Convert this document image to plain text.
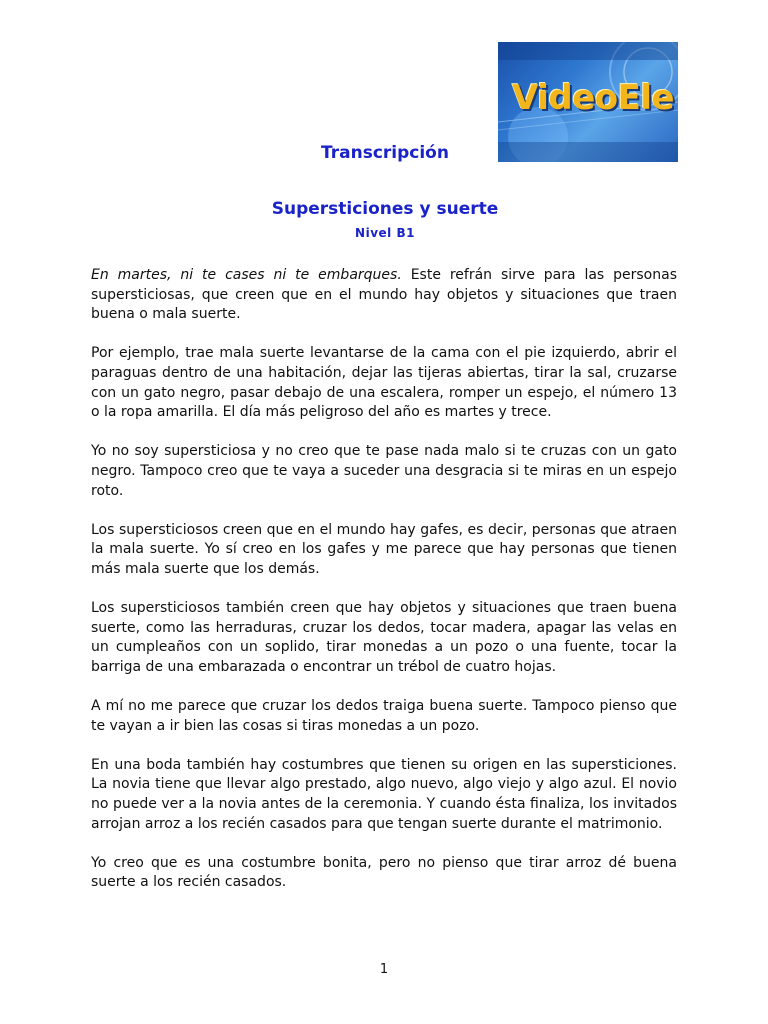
VideoEle
Transcripción
Supersticiones y suerte
Nivel B1

En martes, ni te cases ni te embarques. Este refrán sirve para las personas supersticiosas, que creen que en el mundo hay objetos y situaciones que traen buena o mala suerte.

Por ejemplo, trae mala suerte levantarse de la cama con el pie izquierdo, abrir el paraguas dentro de una habitación, dejar las tijeras abiertas, tirar la sal, cruzarse con un gato negro, pasar debajo de una escalera, romper un espejo, el número 13 o la ropa amarilla. El día más peligroso del año es martes y trece.

Yo no soy supersticiosa y no creo que te pase nada malo si te cruzas con un gato negro. Tampoco creo que te vaya a suceder una desgracia si te miras en un espejo roto.

Los supersticiosos creen que en el mundo hay gafes, es decir, personas que atraen la mala suerte. Yo sí creo en los gafes y me parece que hay personas que tienen más mala suerte que los demás.

Los supersticiosos también creen que hay objetos y situaciones que traen buena suerte, como las herraduras, cruzar los dedos, tocar madera, apagar las velas en un cumpleaños con un soplido, tirar monedas a un pozo o una fuente, tocar la barriga de una embarazada o encontrar un trébol de cuatro hojas.

A mí no me parece que cruzar los dedos traiga buena suerte. Tampoco pienso que te vayan a ir bien las cosas si tiras monedas a un pozo.

En una boda también hay costumbres que tienen su origen en las supersticiones. La novia tiene que llevar algo prestado, algo nuevo, algo viejo y algo azul. El novio no puede ver a la novia antes de la ceremonia. Y cuando ésta finaliza, los invitados arrojan arroz a los recién casados para que tengan suerte durante el matrimonio.

Yo creo que es una costumbre bonita, pero no pienso que tirar arroz dé buena suerte a los recién casados.

1
